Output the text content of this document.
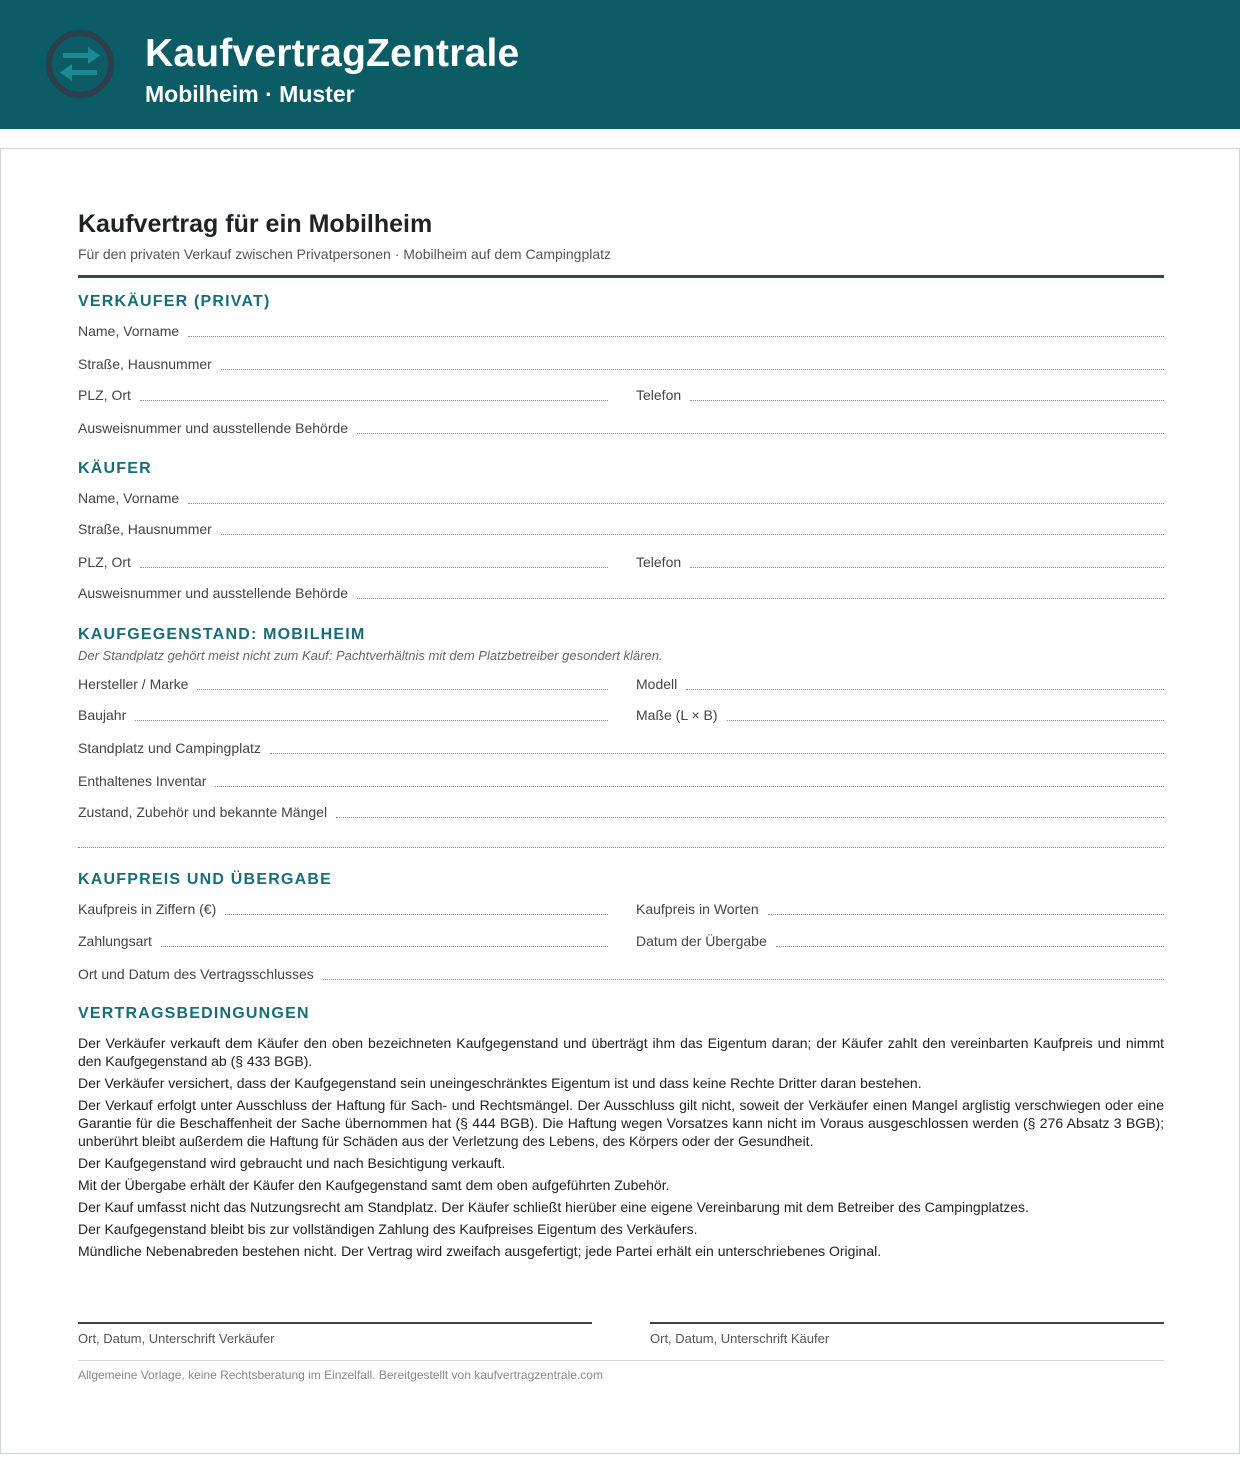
KaufvertragZentrale
Mobilheim · Muster
Kaufvertrag für ein Mobilheim
Für den privaten Verkauf zwischen Privatpersonen · Mobilheim auf dem Campingplatz
VERKÄUFER (PRIVAT)
Name, Vorname
Straße, Hausnummer
PLZ, Ort	Telefon
Ausweisnummer und ausstellende Behörde
KÄUFER
Name, Vorname
Straße, Hausnummer
PLZ, Ort	Telefon
Ausweisnummer und ausstellende Behörde
KAUFGEGENSTAND: MOBILHEIM
Der Standplatz gehört meist nicht zum Kauf: Pachtverhältnis mit dem Platzbetreiber gesondert klären.
Hersteller / Marke	Modell
Baujahr	Maße (L × B)
Standplatz und Campingplatz
Enthaltenes Inventar
Zustand, Zubehör und bekannte Mängel
KAUFPREIS UND ÜBERGABE
Kaufpreis in Ziffern (€)	Kaufpreis in Worten
Zahlungsart	Datum der Übergabe
Ort und Datum des Vertragsschlusses
VERTRAGSBEDINGUNGEN

Der Verkäufer verkauft dem Käufer den oben bezeichneten Kaufgegenstand und überträgt ihm das Eigentum daran; der Käufer zahlt den vereinbarten Kaufpreis und nimmt den Kaufgegenstand ab (§ 433 BGB).

Der Verkäufer versichert, dass der Kaufgegenstand sein uneingeschränktes Eigentum ist und dass keine Rechte Dritter daran bestehen.

Der Verkauf erfolgt unter Ausschluss der Haftung für Sach- und Rechtsmängel. Der Ausschluss gilt nicht, soweit der Verkäufer einen Mangel arglistig verschwiegen oder eine Garantie für die Beschaffenheit der Sache übernommen hat (§ 444 BGB). Die Haftung wegen Vorsatzes kann nicht im Voraus ausgeschlossen werden (§ 276 Absatz 3 BGB); unberührt bleibt außerdem die Haftung für Schäden aus der Verletzung des Lebens, des Körpers oder der Gesundheit.

Der Kaufgegenstand wird gebraucht und nach Besichtigung verkauft.

Mit der Übergabe erhält der Käufer den Kaufgegenstand samt dem oben aufgeführten Zubehör.

Der Kauf umfasst nicht das Nutzungsrecht am Standplatz. Der Käufer schließt hierüber eine eigene Vereinbarung mit dem Betreiber des Campingplatzes.

Der Kaufgegenstand bleibt bis zur vollständigen Zahlung des Kaufpreises Eigentum des Verkäufers.

Mündliche Nebenabreden bestehen nicht. Der Vertrag wird zweifach ausgefertigt; jede Partei erhält ein unterschriebenes Original.

Ort, Datum, Unterschrift Verkäufer	Ort, Datum, Unterschrift Käufer
Allgemeine Vorlage, keine Rechtsberatung im Einzelfall. Bereitgestellt von kaufvertragzentrale.com
